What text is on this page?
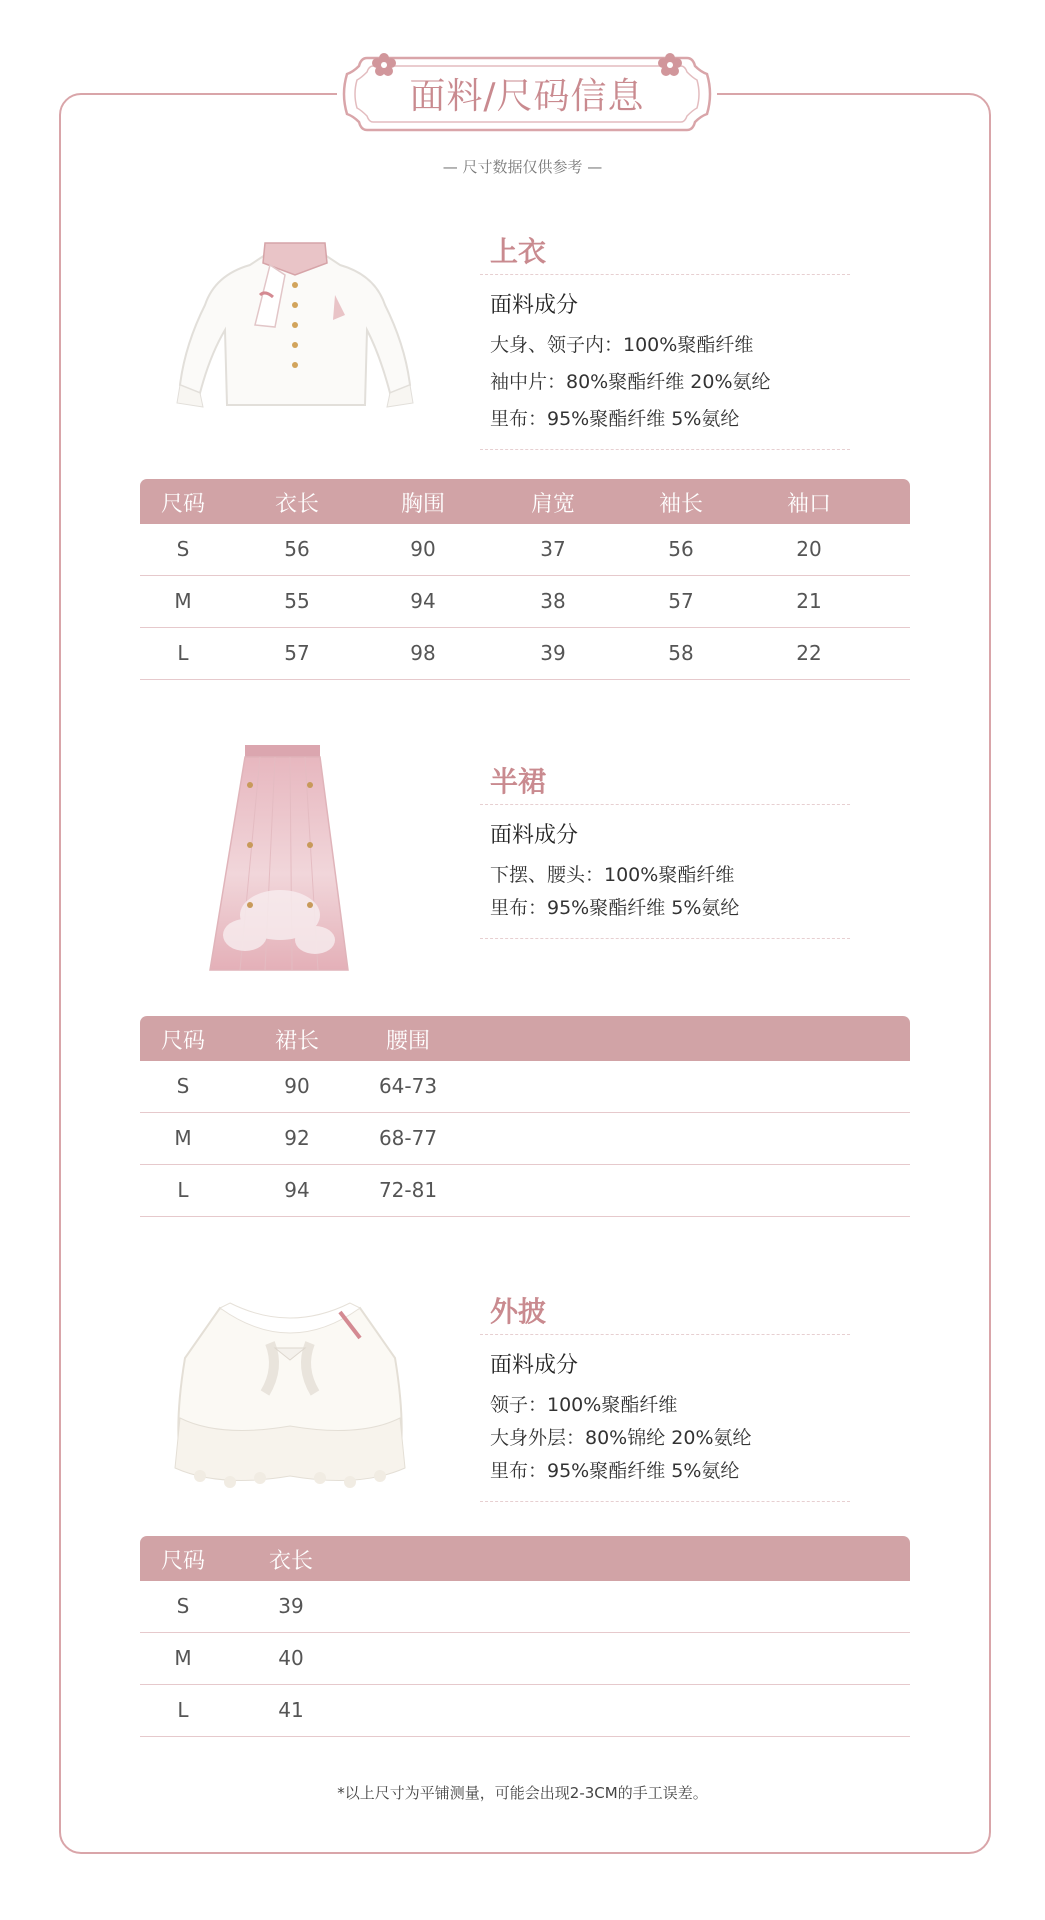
面料/尺码信息
— 尺寸数据仅供参考 —
上衣
面料成分
大身、领子内：100%聚酯纤维
袖中片：80%聚酯纤维 20%氨纶
里布：95%聚酯纤维 5%氨纶
尺码	衣长	胸围	肩宽	袖长	袖口
S	56	90	37	56	20
M	55	94	38	57	21
L	57	98	39	58	22
半裙
面料成分
下摆、腰头：100%聚酯纤维
里布：95%聚酯纤维 5%氨纶
尺码	裙长	腰围
S	90	64-73
M	92	68-77
L	94	72-81
外披
面料成分
领子：100%聚酯纤维
大身外层：80%锦纶 20%氨纶
里布：95%聚酯纤维 5%氨纶
尺码	衣长
S	39
M	40
L	41
*以上尺寸为平铺测量，可能会出现2-3CM的手工误差。
